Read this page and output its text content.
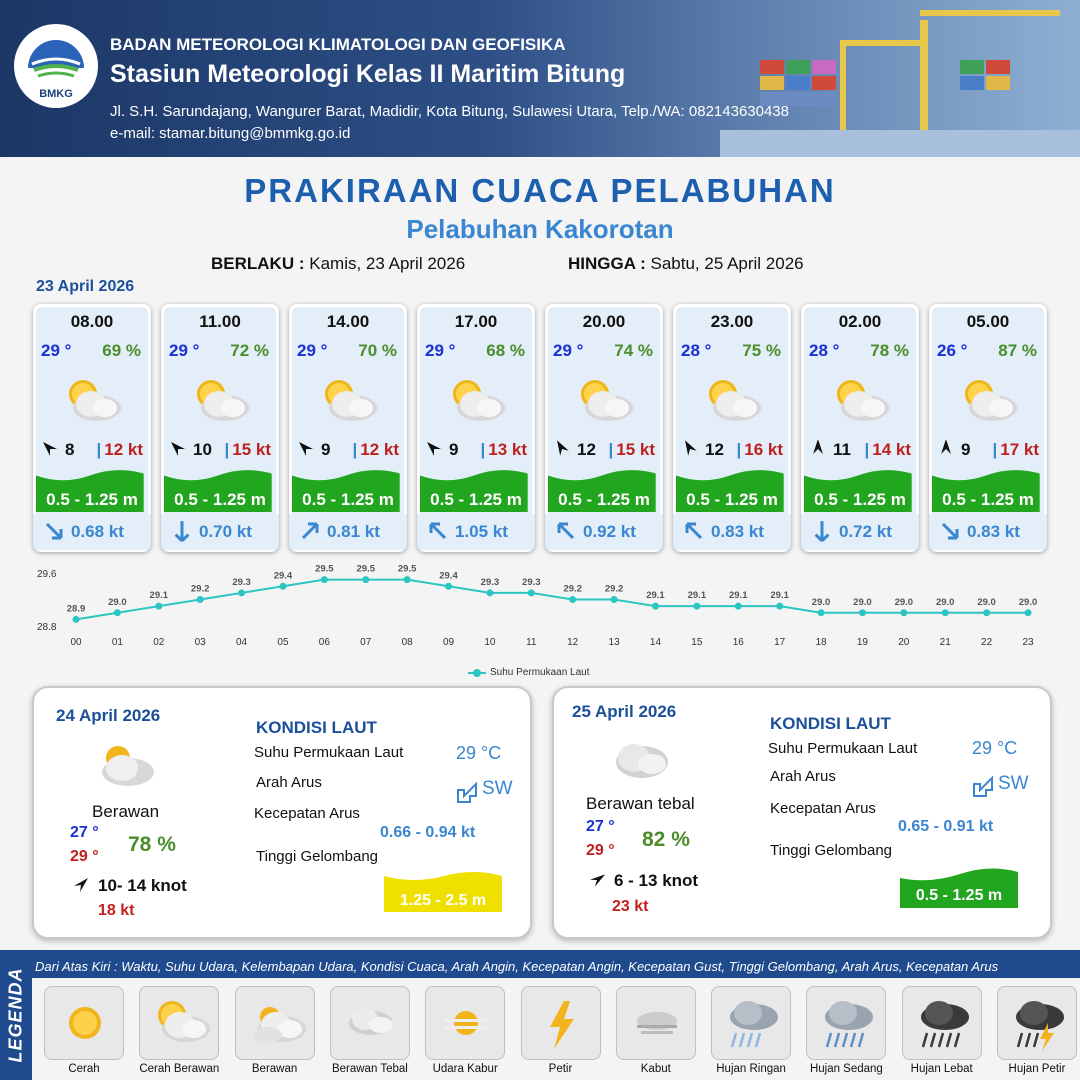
BMKG
BADAN METEOROLOGI KLIMATOLOGI DAN GEOFISIKA
Stasiun Meteorologi Kelas II Maritim Bitung
Jl. S.H. Sarundajang, Wangurer Barat, Madidir, Kota Bitung, Sulawesi Utara, Telp./WA: 082143630438
e-mail: stamar.bitung@bmmkg.go.id
PRAKIRAAN CUACA PELABUHAN
Pelabuhan Kakorotan
BERLAKU : Kamis, 23 April 2026	HINGGA : Sabtu, 25 April 2026
23 April 2026
08.00
29 ° 69 %
8 | 12 kt
0.5 - 1.25 m
0.68 kt
11.00
29 ° 72 %
10 | 15 kt
0.5 - 1.25 m
0.70 kt
14.00
29 ° 70 %
9 | 12 kt
0.5 - 1.25 m
0.81 kt
17.00
29 ° 68 %
9 | 13 kt
0.5 - 1.25 m
1.05 kt
20.00
29 ° 74 %
12 | 15 kt
0.5 - 1.25 m
0.92 kt
23.00
28 ° 75 %
12 | 16 kt
0.5 - 1.25 m
0.83 kt
02.00
28 ° 78 %
11 | 14 kt
0.5 - 1.25 m
0.72 kt
05.00
26 ° 87 %
9 | 17 kt
0.5 - 1.25 m
0.83 kt
29.6
28.8
28.9
00
29.0
01
29.1
02
29.2
03
29.3
04
29.4
05
29.5
06
29.5
07
29.5
08
29.4
09
29.3
10
29.3
11
29.2
12
29.2
13
29.1
14
29.1
15
29.1
16
29.1
17
29.0
18
29.0
19
29.0
20
29.0
21
29.0
22
29.0
23
Suhu Permukaan Laut
24 April 2026
Berawan
27 °
29 °
78 %
10- 14 knot
18 kt
KONDISI LAUT
Suhu Permukaan Laut	29 °C
Arah Arus	SW
Kecepatan Arus
0.66 - 0.94 kt
Tinggi Gelombang
1.25 - 2.5 m
25 April 2026
Berawan tebal
27 °
29 ° 82 %
6 - 13 knot
23 kt
KONDISI LAUT
Suhu Permukaan Laut	29 °C
Arah Arus	SW
Kecepatan Arus
0.65 - 0.91 kt
Tinggi Gelombang
0.5 - 1.25 m
LEGENDA
Dari Atas Kiri : Waktu, Suhu Udara, Kelembapan Udara, Kondisi Cuaca, Arah Angin, Kecepatan Angin, Kecepatan Gust, Tinggi Gelombang, Arah Arus, Kecepatan Arus
Cerah	Cerah Berawan	Berawan	Berawan Tebal	Udara Kabur	Petir	Kabut	Hujan Ringan	Hujan Sedang	Hujan Lebat	Hujan Petir
